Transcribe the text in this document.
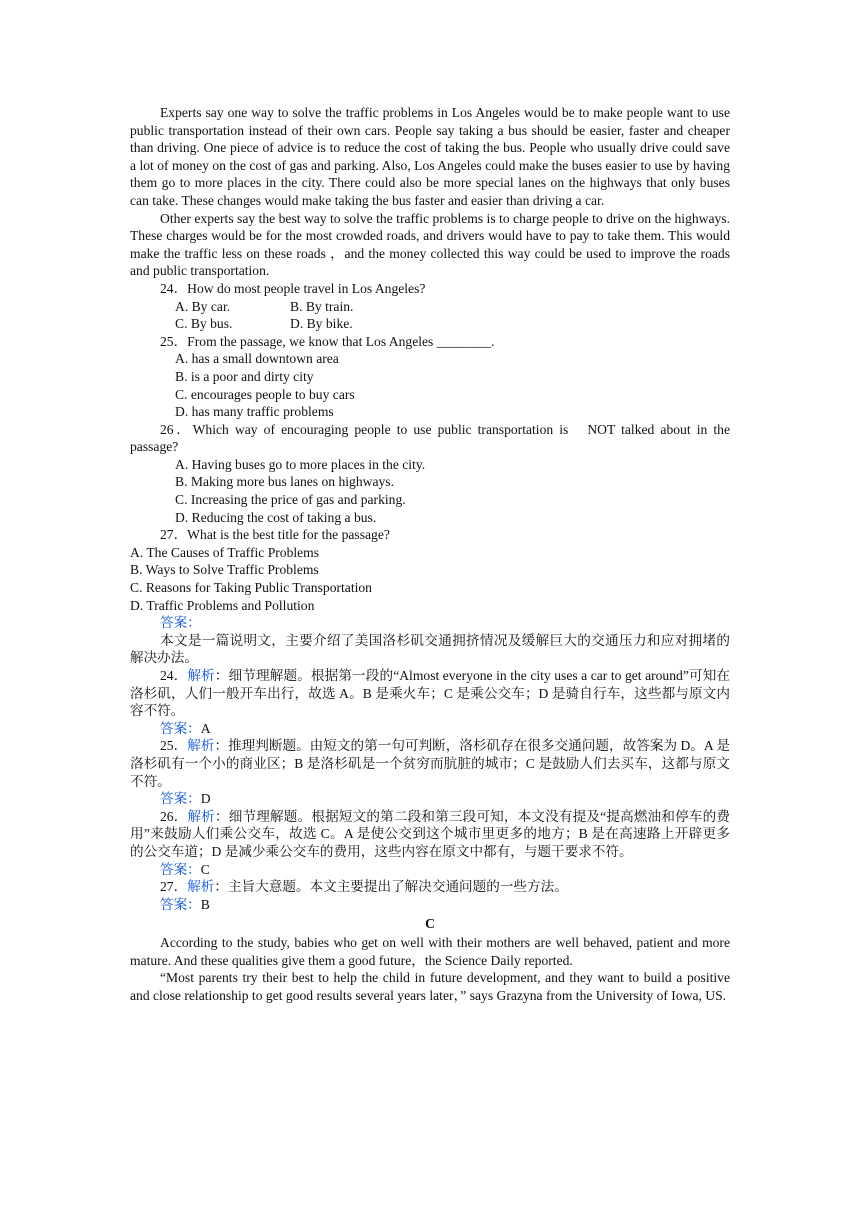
Experts say one way to solve the traffic problems in Los Angeles would be to make people want to use public transportation instead of their own cars. People say taking a bus should be easier, faster and cheaper than driving. One piece of advice is to reduce the cost of taking the bus. People who usually drive could save a lot of money on the cost of gas and parking. Also, Los Angeles could make the buses easier to use by having them go to more places in the city. There could also be more special lanes on the highways that only buses can take. These changes would make taking the bus faster and easier than driving a car.

Other experts say the best way to solve the traffic problems is to charge people to drive on the highways. These charges would be for the most crowded roads, and drivers would have to pay to take them. This would make the traffic less on these roads ，and the money collected this way could be used to improve the roads and public transportation.

24．How do most people travel in Los Angeles?

A. By car.	B. By train.
C. By bus.	D. By bike.

25．From the passage, we know that Los Angeles ________.

A. has a small downtown area

B. is a poor and dirty city

C. encourages people to buy cars

D. has many traffic problems

26．Which way of encouraging people to use public transportation is　NOT talked about in the passage?

A. Having buses go to more places in the city.

B. Making more bus lanes on highways.

C. Increasing the price of gas and parking.

D. Reducing the cost of taking a bus.

27．What is the best title for the passage?

A. The Causes of Traffic Problems

B. Ways to Solve Traffic Problems

C. Reasons for Taking Public Transportation

D. Traffic Problems and Pollution

答案：

本文是一篇说明文，主要介绍了美国洛杉矶交通拥挤情况及缓解巨大的交通压力和应对拥堵的解决办法。

24．解析：细节理解题。根据第一段的“Almost everyone in the city uses a car to get around”可知在洛杉矶，人们一般开车出行，故选 A。B 是乘火车；C 是乘公交车；D 是骑自行车，这些都与原文内容不符。

答案：A

25．解析：推理判断题。由短文的第一句可判断，洛杉矶存在很多交通问题，故答案为 D。A 是洛杉矶有一个小的商业区；B 是洛杉矶是一个贫穷而肮脏的城市；C 是鼓励人们去买车，这都与原文不符。

答案：D

26．解析：细节理解题。根据短文的第二段和第三段可知，本文没有提及“提高燃油和停车的费用”来鼓励人们乘公交车，故选 C。A 是使公交到这个城市里更多的地方；B 是在高速路上开辟更多的公交车道；D 是减少乘公交车的费用，这些内容在原文中都有，与题干要求不符。

答案：C

27．解析：主旨大意题。本文主要提出了解决交通问题的一些方法。

答案：B

C

According to the study, babies who get on well with their mothers are well behaved, patient and more mature. And these qualities give them a good future，the Science Daily reported.

“Most parents try their best to help the child in future development, and they want to build a positive and close relationship to get good results several years later，” says Grazyna from the University of Iowa, US.
